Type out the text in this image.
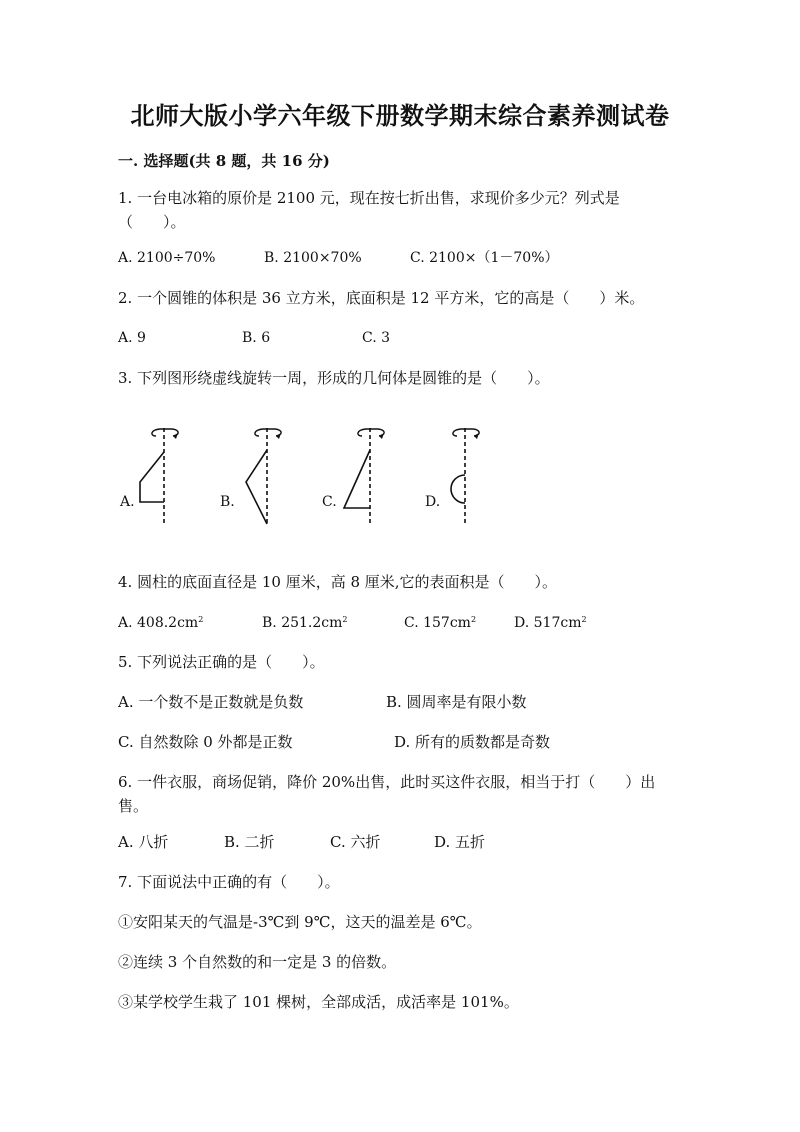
北师大版小学六年级下册数学期末综合素养测试卷
一. 选择题(共 8 题，共 16 分)
1. 一台电冰箱的原价是 2100 元，现在按七折出售，求现价多少元？列式是（　　）。
A. 2100÷70%	B. 2100×70%	C. 2100×（1－70%）
2. 一个圆锥的体积是 36 立方米，底面积是 12 平方米，它的高是（　　）米。
A. 9	B. 6	C. 3
3. 下列图形绕虚线旋转一周，形成的几何体是圆锥的是（　　）。
A.	B.	C.	D.
4. 圆柱的底面直径是 10 厘米，高 8 厘米,它的表面积是（　　）。
A. $408.2cm^2$	B. $251.2cm^2$	C. $157cm^2$	D. $517cm^2$
5. 下列说法正确的是（　　）。
A. 一个数不是正数就是负数	B. 圆周率是有限小数
C. 自然数除 0 外都是正数	D. 所有的质数都是奇数
6. 一件衣服，商场促销，降价 20%出售，此时买这件衣服，相当于打（　　）出售。
A. 八折	B. 二折	C. 六折	D. 五折
7. 下面说法中正确的有（　　）。
①安阳某天的气温是-3℃到 9℃，这天的温差是 6℃。
②连续 3 个自然数的和一定是 3 的倍数。
③某学校学生栽了 101 棵树，全部成活，成活率是 101%。
